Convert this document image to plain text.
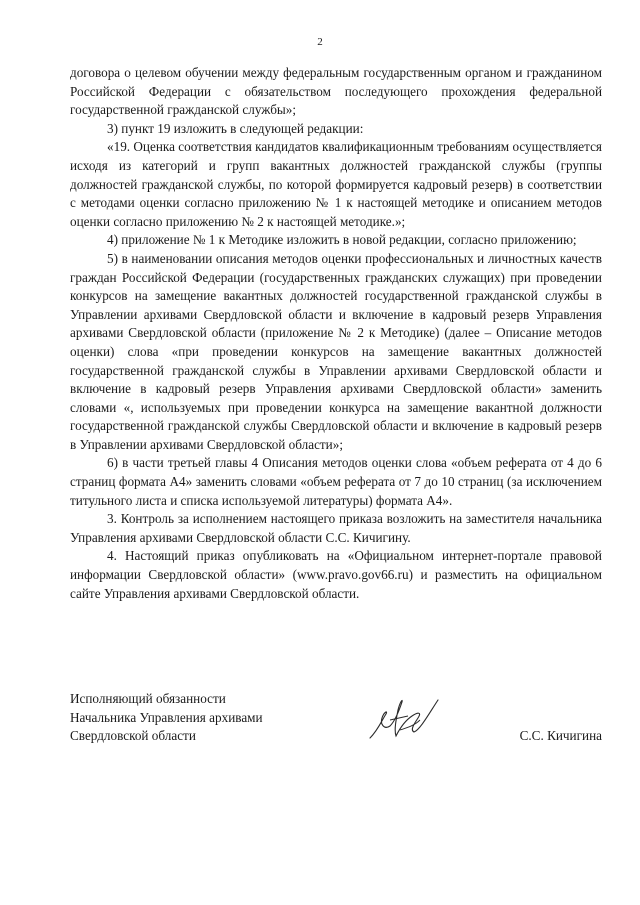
2

договора о целевом обучении между федеральным государственным органом и гражданином Российской Федерации с обязательством последующего прохождения федеральной государственной гражданской службы»;

3) пункт 19 изложить в следующей редакции:

«19. Оценка соответствия кандидатов квалификационным требованиям осуществляется исходя из категорий и групп вакантных должностей гражданской службы (группы должностей гражданской службы, по которой формируется кадровый резерв) в соответствии с методами оценки согласно приложению № 1 к настоящей методике и описанием методов оценки согласно приложению № 2 к настоящей методике.»;

4) приложение № 1 к Методике изложить в новой редакции, согласно приложению;

5) в наименовании описания методов оценки профессиональных и личностных качеств граждан Российской Федерации (государственных гражданских служащих) при проведении конкурсов на замещение вакантных должностей государственной гражданской службы в Управлении архивами Свердловской области и включение в кадровый резерв Управления архивами Свердловской области (приложение № 2 к Методике) (далее – Описание методов оценки) слова «при проведении конкурсов на замещение вакантных должностей государственной гражданской службы в Управлении архивами Свердловской области и включение в кадровый резерв Управления архивами Свердловской области» заменить словами «, используемых при проведении конкурса на замещение вакантной должности государственной гражданской службы Свердловской области и включение в кадровый резерв в Управлении архивами Свердловской области»;

6) в части третьей главы 4 Описания методов оценки слова «объем реферата от 4 до 6 страниц формата А4» заменить словами «объем реферата от 7 до 10 страниц (за исключением титульного листа и списка используемой литературы) формата А4».

3. Контроль за исполнением настоящего приказа возложить на заместителя начальника Управления архивами Свердловской области С.С. Кичигину.

4. Настоящий приказ опубликовать на «Официальном интернет-портале правовой информации Свердловской области» (www.pravo.gov66.ru) и разместить на официальном сайте Управления архивами Свердловской области.

Исполняющий обязанности
Начальника Управления архивами
Свердловской области	С.С. Кичигина
